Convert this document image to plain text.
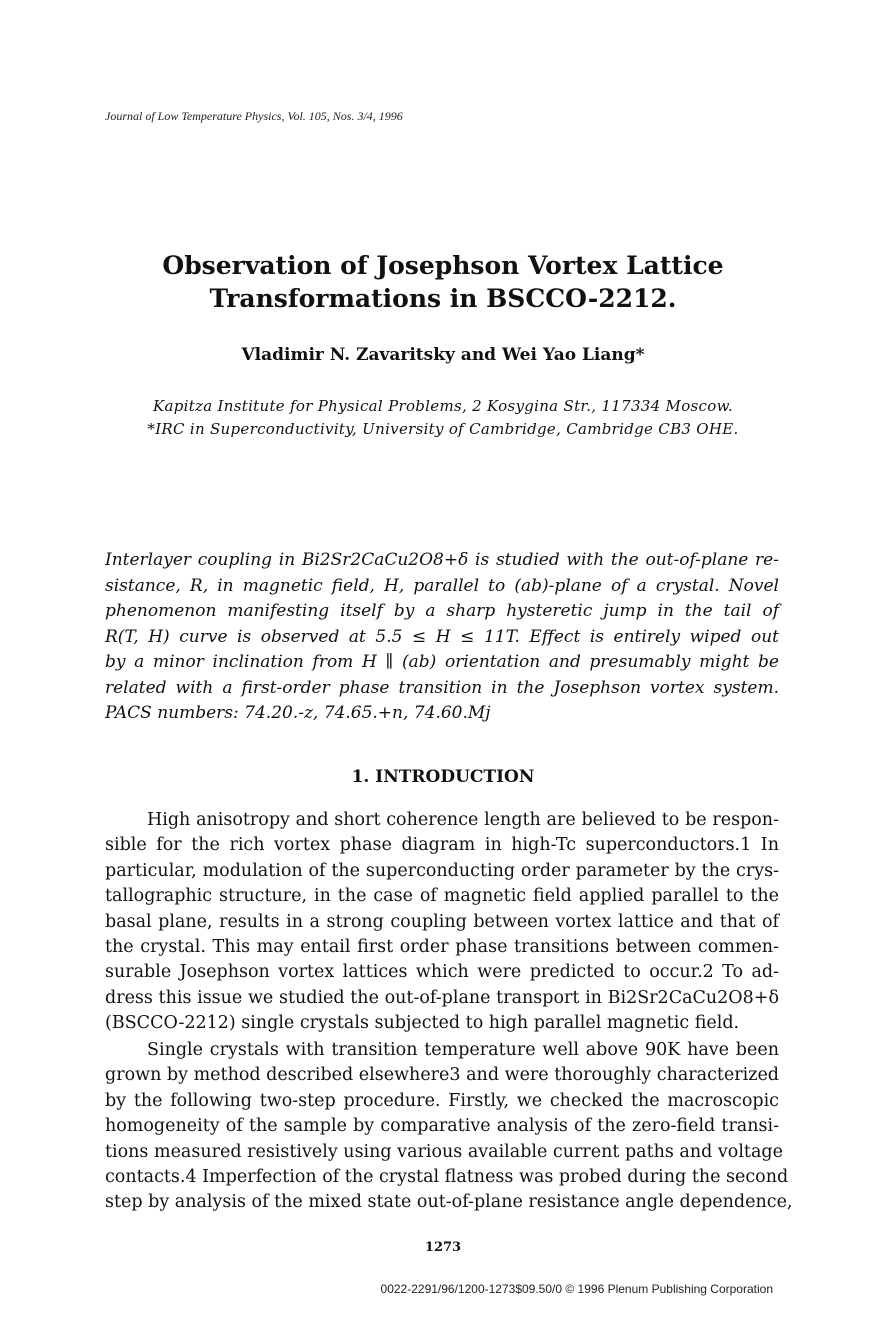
Journal of Low Temperature Physics, Vol. 105, Nos. 3/4, 1996
Observation of Josephson Vortex Lattice
Transformations in BSCCO-2212.
Vladimir N. Zavaritsky and Wei Yao Liang*
Kapitza Institute for Physical Problems, 2 Kosygina Str., 117334 Moscow.
*IRC in Superconductivity, University of Cambridge, Cambridge CB3 OHE.
Interlayer coupling in Bi2Sr2CaCu2O8+δ is studied with the out-of-plane re-
sistance, R, in magnetic field, H, parallel to (ab)-plane of a crystal. Novel
phenomenon manifesting itself by a sharp hysteretic jump in the tail of
R(T, H) curve is observed at 5.5 ≤ H ≤ 11T. Effect is entirely wiped out
by a minor inclination from H ∥ (ab) orientation and presumably might be
related with a first-order phase transition in the Josephson vortex system.
PACS numbers: 74.20.-z, 74.65.+n, 74.60.Mj
1. INTRODUCTION
High anisotropy and short coherence length are believed to be respon-
sible for the rich vortex phase diagram in high-Tc superconductors.1 In
particular, modulation of the superconducting order parameter by the crys-
tallographic structure, in the case of magnetic field applied parallel to the
basal plane, results in a strong coupling between vortex lattice and that of
the crystal. This may entail first order phase transitions between commen-
surable Josephson vortex lattices which were predicted to occur.2 To ad-
dress this issue we studied the out-of-plane transport in Bi2Sr2CaCu2O8+δ
(BSCCO-2212) single crystals subjected to high parallel magnetic field.
Single crystals with transition temperature well above 90K have been
grown by method described elsewhere3 and were thoroughly characterized
by the following two-step procedure. Firstly, we checked the macroscopic
homogeneity of the sample by comparative analysis of the zero-field transi-
tions measured resistively using various available current paths and voltage
contacts.4 Imperfection of the crystal flatness was probed during the second
step by analysis of the mixed state out-of-plane resistance angle dependence,
1273
0022-2291/96/1200-1273$09.50/0 © 1996 Plenum Publishing Corporation
